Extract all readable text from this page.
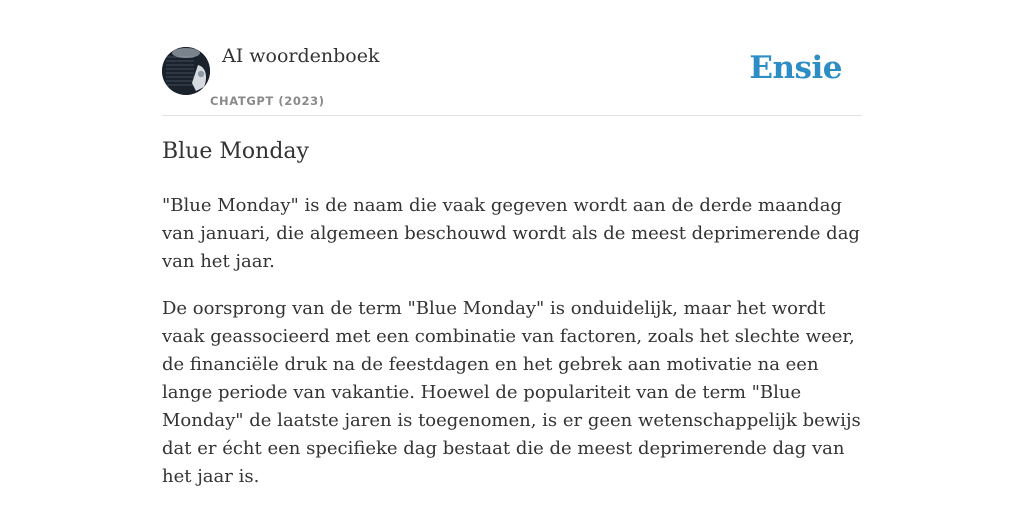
AI woordenboek
CHATGPT (2023)
Ensie
Blue Monday

"Blue Monday" is de naam die vaak gegeven wordt aan de derde maandag van januari, die algemeen beschouwd wordt als de meest deprimerende dag van het jaar.

De oorsprong van de term "Blue Monday" is onduidelijk, maar het wordt vaak geassocieerd met een combinatie van factoren, zoals het slechte weer, de financiële druk na de feestdagen en het gebrek aan motivatie na een lange periode van vakantie. Hoewel de populariteit van de term "Blue Monday" de laatste jaren is toegenomen, is er geen wetenschappelijk bewijs dat er écht een specifieke dag bestaat die de meest deprimerende dag van het jaar is.
